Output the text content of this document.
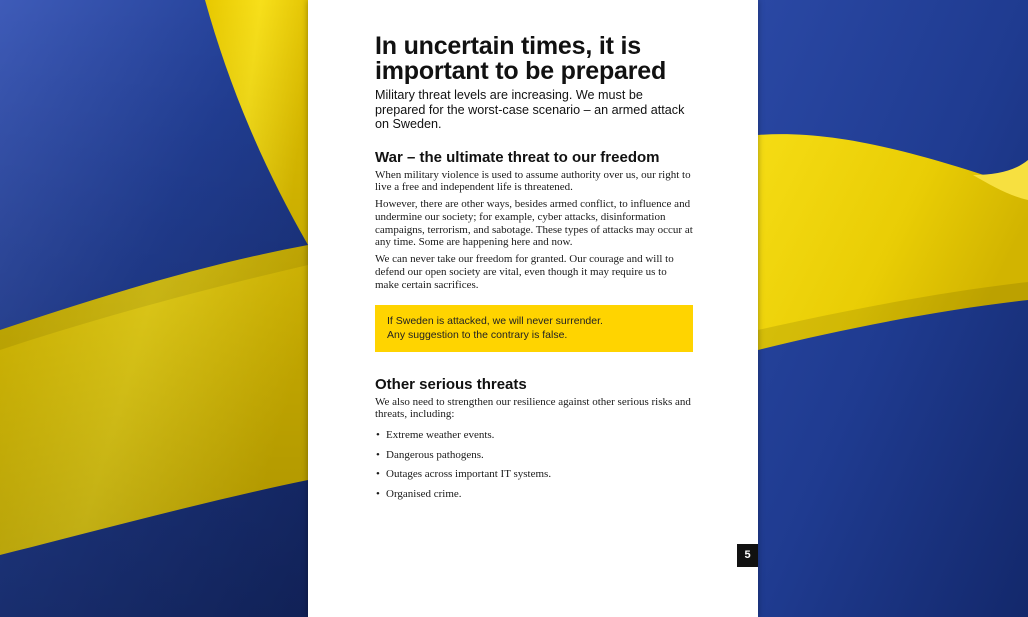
In uncertain times, it is important to be prepared

Military threat levels are increasing. We must be prepared for the worst-case scenario – an armed attack on Sweden.

War – the ultimate threat to our freedom

When military violence is used to assume authority over us, our right to live a free and independent life is threatened.

However, there are other ways, besides armed conflict, to influence and undermine our society; for example, cyber attacks, disinformation campaigns, terrorism, and sabotage. These types of attacks may occur at any time. Some are happening here and now.

We can never take our freedom for granted. Our courage and will to defend our open society are vital, even though it may require us to make certain sacrifices.

If Sweden is attacked, we will never surrender.
Any suggestion to the contrary is false.
Other serious threats

We also need to strengthen our resilience against other serious risks and threats, including:

• Extreme weather events.
• Dangerous pathogens.
• Outages across important IT systems.
• Organised crime.
5
